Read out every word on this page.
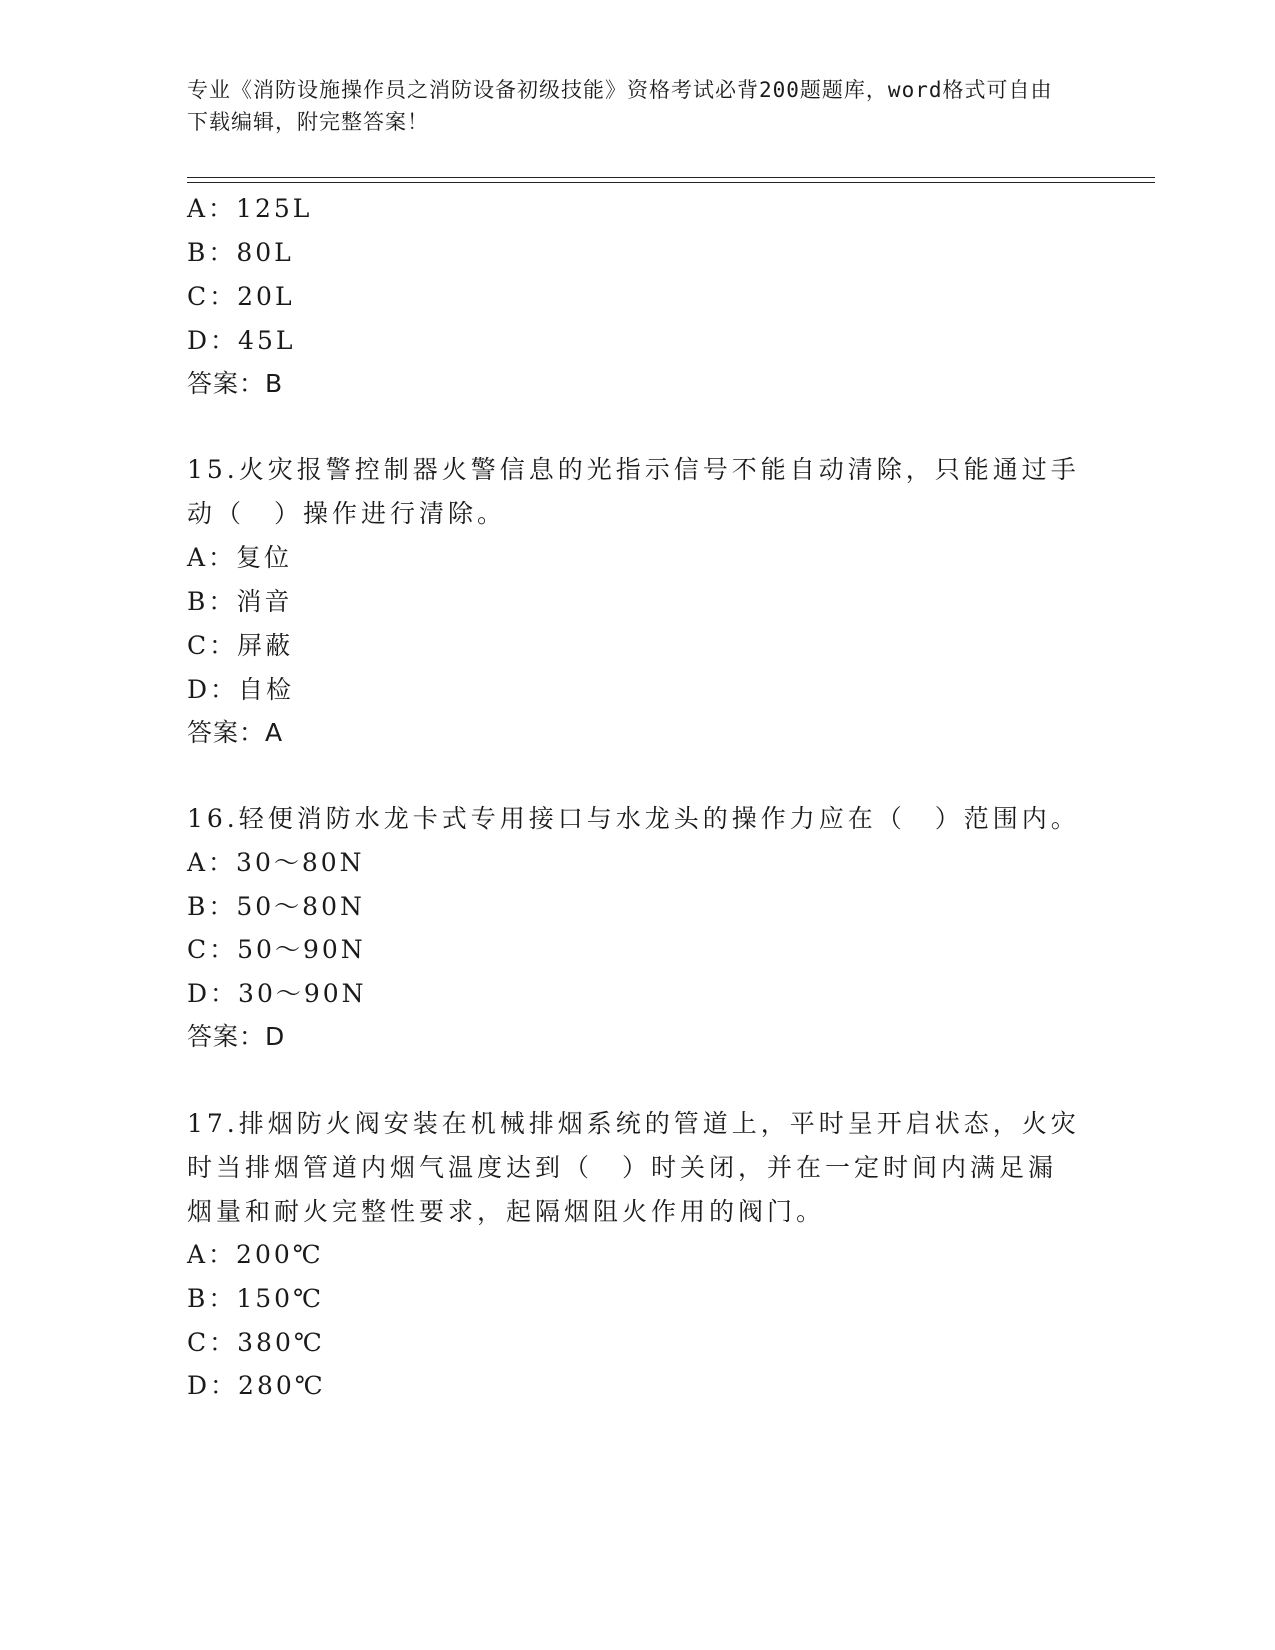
专业《消防设施操作员之消防设备初级技能》资格考试必背200题题库，word格式可自由下载编辑，附完整答案！
A：125L
B：80L
C：20L
D：45L
答案：B
15.火灾报警控制器火警信息的光指示信号不能自动清除，只能通过手
动（　）操作进行清除。
A：复位
B：消音
C：屏蔽
D：自检
答案：A
16.轻便消防水龙卡式专用接口与水龙头的操作力应在（　）范围内。
A：30～80N
B：50～80N
C：50～90N
D：30～90N
答案：D
17.排烟防火阀安装在机械排烟系统的管道上，平时呈开启状态，火灾
时当排烟管道内烟气温度达到（　）时关闭，并在一定时间内满足漏
烟量和耐火完整性要求，起隔烟阻火作用的阀门。
A：200℃
B：150℃
C：380℃
D：280℃
